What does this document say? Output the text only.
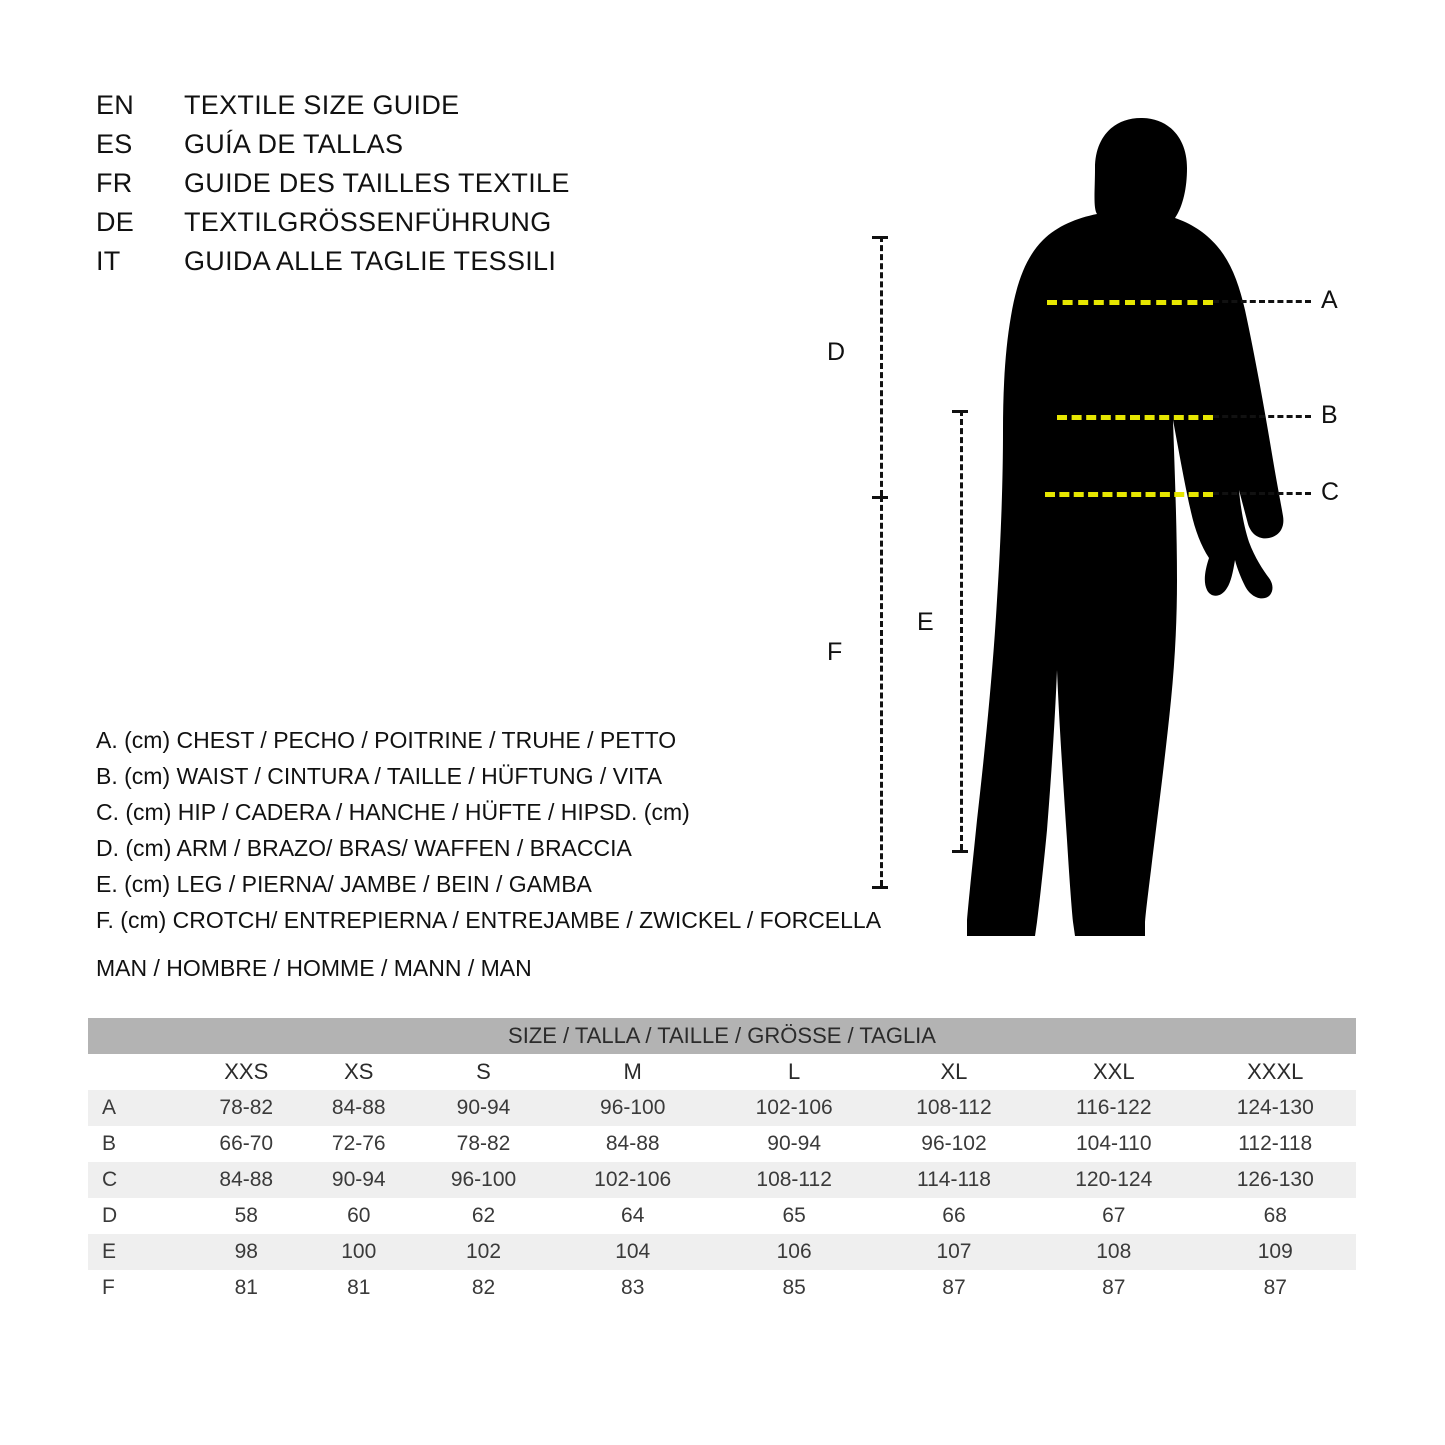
EN	TEXTILE SIZE GUIDE
ES	GUÍA DE TALLAS
FR	GUIDE DES TAILLES TEXTILE
DE	TEXTILGRÖSSENFÜHRUNG
IT	GUIDA ALLE TAGLIE TESSILI
A. (cm) CHEST / PECHO / POITRINE / TRUHE / PETTO
B. (cm) WAIST / CINTURA / TAILLE / HÜFTUNG / VITA
C. (cm) HIP / CADERA / HANCHE / HÜFTE / HIPSD. (cm)
D. (cm) ARM / BRAZO/ BRAS/ WAFFEN / BRACCIA
E. (cm) LEG / PIERNA/ JAMBE / BEIN / GAMBA
F. (cm) CROTCH/ ENTREPIERNA / ENTREJAMBE / ZWICKEL / FORCELLA
MAN / HOMBRE / HOMME / MANN / MAN
A
B
C
D
F
E
SIZE / TALLA / TAILLE / GRÖSSE / TAGLIA								
	XXS	XS	S	M	L	XL	XXL	XXXL
A	78-82	84-88	90-94	96-100	102-106	108-112	116-122	124-130
B	66-70	72-76	78-82	84-88	90-94	96-102	104-110	112-118
C	84-88	90-94	96-100	102-106	108-112	114-118	120-124	126-130
D	58	60	62	64	65	66	67	68
E	98	100	102	104	106	107	108	109
F	81	81	82	83	85	87	87	87
